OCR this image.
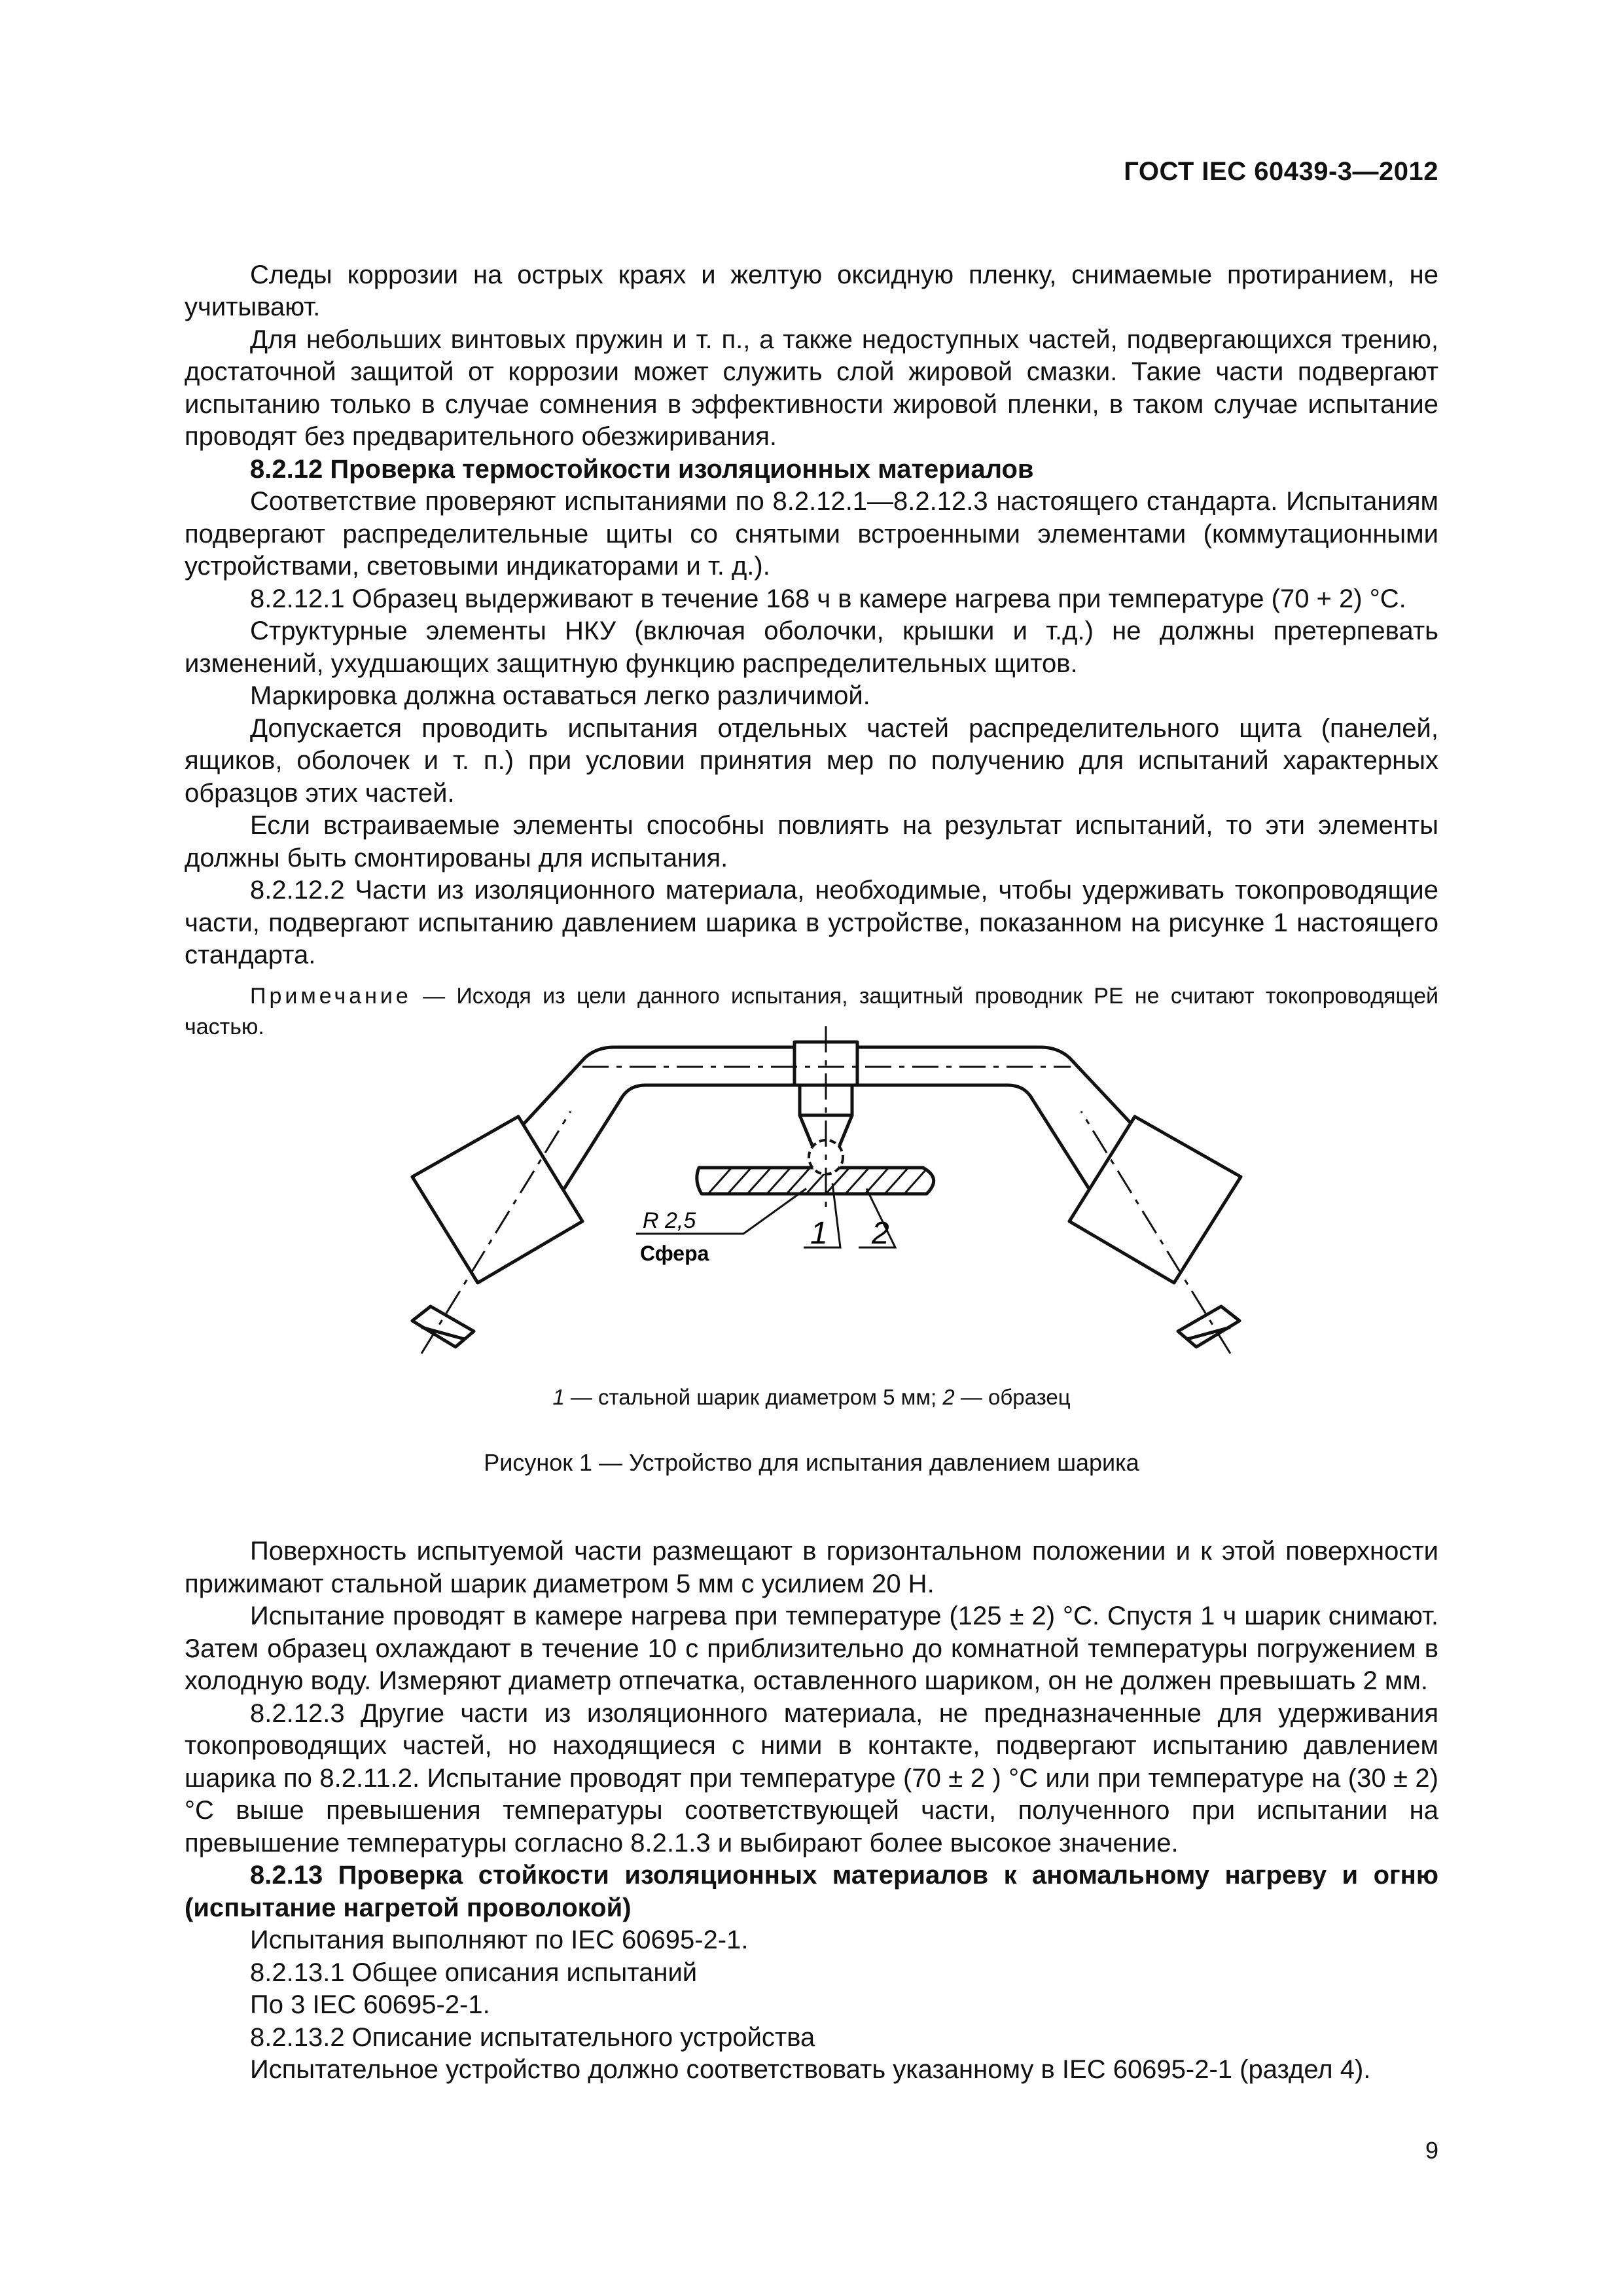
ГОСТ IEC 60439-3—2012

Следы коррозии на острых краях и желтую оксидную пленку, снимаемые протиранием, не учитывают.

Для небольших винтовых пружин и т. п., а также недоступных частей, подвергающихся трению, достаточной защитой от коррозии может служить слой жировой смазки. Такие части подвергают испытанию только в случае сомнения в эффективности жировой пленки, в таком случае испытание проводят без предварительного обезжиривания.

8.2.12 Проверка термостойкости изоляционных материалов

Соответствие проверяют испытаниями по 8.2.12.1—8.2.12.3 настоящего стандарта. Испытаниям подвергают распределительные щиты со снятыми встроенными элементами (коммутационными устройствами, световыми индикаторами и т. д.).

8.2.12.1 Образец выдерживают в течение 168 ч в камере нагрева при температуре (70 + 2) °С.

Структурные элементы НКУ (включая оболочки, крышки и т.д.) не должны претерпевать изменений, ухудшающих защитную функцию распределительных щитов.

Маркировка должна оставаться легко различимой.

Допускается проводить испытания отдельных частей распределительного щита (панелей, ящиков, оболочек и т. п.) при условии принятия мер по получению для испытаний характерных образцов этих частей.

Если встраиваемые элементы способны повлиять на результат испытаний, то эти элементы должны быть смонтированы для испытания.

8.2.12.2 Части из изоляционного материала, необходимые, чтобы удерживать токопроводящие части, подвергают испытанию давлением шарика в устройстве, показанном на рисунке 1 настоящего стандарта.

Примечание — Исходя из цели данного испытания, защитный проводник РЕ не считают токопроводящей частью.

R 2,5
Сфера
1 2
1 — стальной шарик диаметром 5 мм; 2 — образец
Рисунок 1 — Устройство для испытания давлением шарика

Поверхность испытуемой части размещают в горизонтальном положении и к этой поверхности прижимают стальной шарик диаметром 5 мм с усилием 20 Н.

Испытание проводят в камере нагрева при температуре (125 ± 2) °С. Спустя 1 ч шарик снимают. Затем образец охлаждают в течение 10 с приблизительно до комнатной температуры погружением в холодную воду. Измеряют диаметр отпечатка, оставленного шариком, он не должен превышать 2 мм.

8.2.12.3 Другие части из изоляционного материала, не предназначенные для удерживания токопроводящих частей, но находящиеся с ними в контакте, подвергают испытанию давлением шарика по 8.2.11.2. Испытание проводят при температуре (70 ± 2 ) °С или при температуре на (30 ± 2) °С выше превышения температуры соответствующей части, полученного при испытании на превышение температуры согласно 8.2.1.3 и выбирают более высокое значение.

8.2.13 Проверка стойкости изоляционных материалов к аномальному нагреву и огню (испытание нагретой проволокой)

Испытания выполняют по IEC 60695-2-1.

8.2.13.1 Общее описания испытаний

По 3 IEC 60695-2-1.

8.2.13.2 Описание испытательного устройства

Испытательное устройство должно соответствовать указанному в IEC 60695-2-1 (раздел 4).

9
